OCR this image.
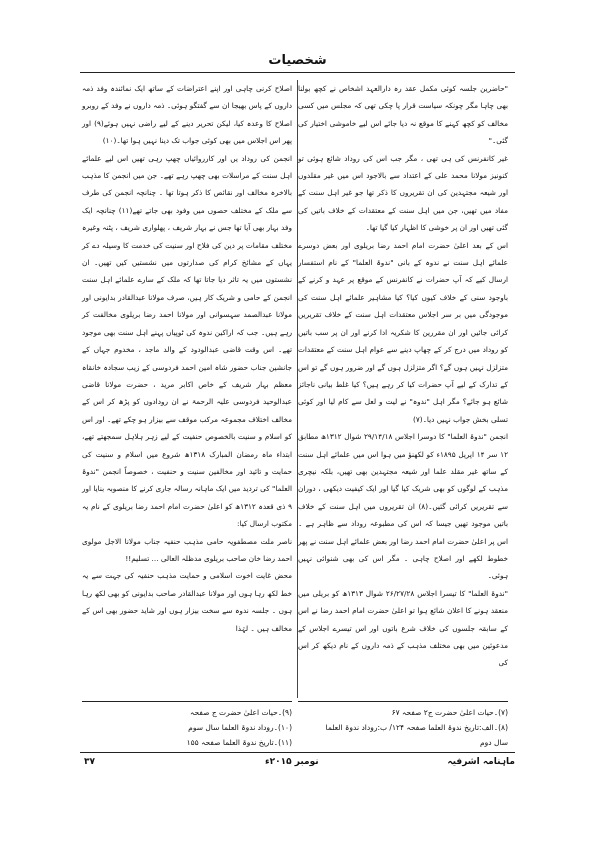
شخصیات

"حاضرین جلسہ کوئی مکمل عقد رہ دارالعہد اشخاص نے کچھ بولنا بھی چاہا مگر چونکہ سیاست قرار پا چکی تھی کہ مجلس میں کسی مخالف کو کچھ کہنے کا موقع نہ دیا جائے اس لیے خاموشی اختیار کی گئی۔"

غیر کانفرنس کی ہی تھی ، مگر جب اس کی روداد شائع ہوئی تو کنونیز مولانا محمد علی کے اعتداد سے بالاجود اس میں غیر مقلدوں اور شیعہ مجتہدین کی ان تقریروں کا ذکر تھا جو غیر اہل سنت کے مفاد میں تھیں، جن میں اہل سنت کے معتقدات کے خلاف باتیں کی گئی تھیں اور ان پر خوشی کا اظہار کیا گیا تھا۔

اس کے بعد اعلیٰ حضرت امام احمد رضا بریلوی اور بعض دوسرے علمائے اہل سنت نے ندوہ کے بانی "ندوۃ العلما" کے نام استفسار ارسال کیے کہ آپ حضرات نے کانفرنس کے موقع پر عہد و کرنے کے باوجود سنی کے خلاف کیوں کیا؟ کیا مشاہیر علمائے اہل سنت کی موجودگی میں بر سر اجلاس معتقدات اہل سنت کے خلاف تقریریں کرائی جائیں اور ان مقررین کا شکریہ ادا کرنے اور ان پر سب باتیں کو روداد میں درج کر کے چھاپ دینے سے عوام اہل سنت کے معتقدات متزلزل نہیں ہوں گے؟ اگر متزلزل ہوں گے اور ضرور ہوں گے تو اس کے تدارک کے لیے آپ حضرات کیا کر رہے ہیں؟ کیا غلط بیانی ناجائز شائع ہو جائے؟ مگر اہل "ندوہ" نے لیت و لعل سے کام لیا اور کوئی تسلی بخش جواب نہیں دیا۔(۷)

انجمن "ندوۃ العلما" کا دوسرا اجلاس ۲۹/۱۴/۱۸ شوال ۱۳۱۲ھ مطابق ۱۲ سر ۱۴ اپریل ۱۸۹۵ء کو لکھنؤ میں ہوا اس میں علمائے اہل سنت کے ساتھ غیر مقلد علما اور شیعہ مجتہدین بھی تھیں، بلکہ نیچری مذہب کے لوگوں کو بھی شریک کیا گیا اور ایک کیفیت دیکھی ، دوران سے تقریریں کرائی گئیں۔(۸) ان تقریروں میں اہل سنت کے خلاف باتیں موجود تھیں جیسا کہ اس کی مطبوعہ روداد سے ظاہر ہے ۔ اس پر اعلیٰ حضرت امام احمد رضا اور بعض علمائے اہل سنت نے پھر خطوط لکھے اور اصلاح چاہی ۔ مگر اس کی بھی شنوائی نہیں ہوئی۔

"ندوۃ العلما" کا تیسرا اجلاس ۲۶/۲۷/۲۸ شوال ۱۳۱۳ھ کو بریلی میں منعقد ہونے کا اعلان شائع ہوا تو اعلیٰ حضرت امام احمد رضا نے اس کے سابقہ جلسوں کی خلاف شرع باتوں اور اس تیسرے اجلاس کے مدعوئین میں بھی مختلف مذہب کے ذمہ داروں کے نام دیکھ کر اس کی

اصلاح کرنی چاہی اور اپنے اعتراضات کے ساتھ ایک نمائندہ وفد ذمہ داروں کے پاس بھیجا ان سے گفتگو ہوئی۔ ذمہ داروں نے وفد کے روبرو اصلاح کا وعدہ کیا، لیکن تحریر دینے کے لیے راضی نہیں ہوئے(۹) اور پھر اس اجلاس میں بھی کوئی جواب تک دینا نہیں ہوا تھا۔(۱۰)

انجمن کی روداد یں اور کارروائیاں چھپ رہی تھیں اس لیے علمائے اہل سنت کے مراسلات بھی چھپ رہے تھے۔ جن میں انجمن کا مذہب بالاخرہ مخالف اور نقائص کا ذکر ہوتا تھا ۔ چنانچہ انجمن کی طرف سے ملک کے مختلف حصوں میں وفود بھی جاتے تھے(۱۱) چنانچہ ایک وفد بہار بھی آیا تھا جس نے بہار شریف ، پھلواری شریف ، پٹنہ وغیرہ مختلف مقامات پر دین کی فلاح اور سنیت کی خدمت کا وسیلہ دے کر یہاں کے مشائخ کرام کی صدارتوں میں نشستیں کیں تھیں۔ ان نشستوں میں یہ تاثر دیا جاتا تھا کہ ملک کے سارے علمائے اہل سنت انجمن کے حامی و شریک کار ہیں، صرف مولانا عبدالقادر بدایونی اور مولانا عبدالصمد سہسوانی اور مولانا احمد رضا بریلوی مخالفت کر رہے ہیں۔ جب کہ اراکین ندوہ کی ٹوپیاں پہنے اہل سنت بھی موجود تھے۔ اس وقت قاضی عبدالودود کے والد ماجد ، مخدوم جہاں کے جانشین جناب حضور شاہ امین احمد فردوسی کے زیب سجادہ خانقاہ معظم بہار شریف کے خاص اکابر مرید ، حضرت مولانا قاضی عبدالوحید فردوسی علیہ الرحمۃ نے ان رودادوں کو پڑھ کر اس کے مخالف اختلاف مجموعہ مرکب موقف سے بیزار ہو چکے تھے۔ اور اس کو اسلام و سنیت بالخصوص حنفیت کے لیے زہر ہلاہل سمجھتے تھے، ابتداء ماہ رمضان المبارک ۱۳۱۸ھ شروع میں اسلام و سنیت کی حمایت و تائید اور مخالفین سنیت و حنفیت ، خصوصاً انجمن "ندوۃ العلما" کی تردید میں ایک ماہانہ رسالہ جاری کرنے کا منصوبہ بنایا اور ۹ ذی قعدہ ۱۳۱۲ھ کو اعلیٰ حضرت امام احمد رضا بریلوی کے نام یہ مکتوب ارسال کیا:

ناصر ملت مصطفویہ حامی مذہب حنفیہ جناب مولانا الاجل مولوی احمد رضا خان صاحب بریلوی مدظلہ العالی ... تسلیم!!

محض غایت اخوت اسلامی و حمایت مذہب حنفیہ کی جہت سے یہ خط لکھ رہا ہوں اور مولانا عبدالقادر صاحب بدایونی کو بھی لکھ رہا ہوں ۔ جلسہ ندوہ سے سخت بیزار ہوں اور شاید حضور بھی اس کے مخالف ہیں ۔ لہٰذا

(۷)۔حیات اعلیٰ حضرت ج۲ صفحہ ۶۷
(۸)۔الف:تاریخ ندوۃ العلما صفحہ ۱۲۴/ ب:روداد ندوۃ العلما
سال دوم
(۹)۔حیات اعلیٰ حضرت ج صفحہ
(۱۰)۔روداد ندوۃ العلما سال سوم
(۱۱)۔تاریخ ندوۃ العلما صفحہ ۱۵۵
ماہنامہ اشرفیہ
نومبر ۲۰۱۵ء
۳۷
